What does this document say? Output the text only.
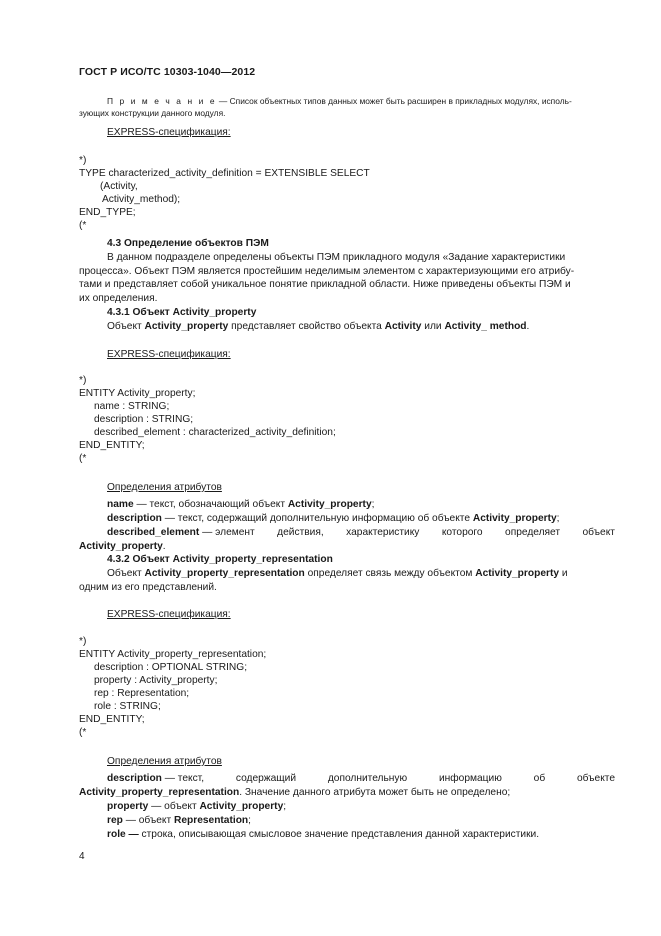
ГОСТ Р ИСО/ТС 10303-1040—2012
П р и м е ч а н и е — Список объектных типов данных может быть расширен в прикладных модулях, исполь-
зующих конструкции данного модуля.
EXPRESS-спецификация:
*)
TYPE characterized_activity_definition = EXTENSIBLE SELECT
(Activity,
Activity_method);
END_TYPE;
(*
4.3 Определение объектов ПЭМ
В данном подразделе определены объекты ПЭМ прикладного модуля «Задание характеристики
процесса». Объект ПЭМ является простейшим неделимым элементом с характеризующими его атрибу-
тами и представляет собой уникальное понятие прикладной области. Ниже приведены объекты ПЭМ и
их определения.
4.3.1 Объект Activity_property
Объект Activity_property представляет свойство объекта Activity или Activity_ method.
EXPRESS-спецификация:
*)
ENTITY Activity_property;
name : STRING;
description : STRING;
described_element : characterized_activity_definition;
END_ENTITY;
(*
Определения атрибутов
name — текст, обозначающий объект Activity_property;
description — текст, содержащий дополнительную информацию об объекте Activity_property;
described_element — элемент действия, характеристику которого определяет объект
Activity_property.
4.3.2 Объект Activity_property_representation
Объект Activity_property_representation определяет связь между объектом Activity_property и
одним из его представлений.
EXPRESS-спецификация:
*)
ENTITY Activity_property_representation;
description : OPTIONAL STRING;
property : Activity_property;
rep : Representation;
role : STRING;
END_ENTITY;
(*
Определения атрибутов
description — текст,	содержащий	дополнительную	информацию	об	объекте
Activity_property_representation. Значение данного атрибута может быть не определено;
property — объект Activity_property;
rep — объект Representation;
role — строка, описывающая смысловое значение представления данной характеристики.
4
